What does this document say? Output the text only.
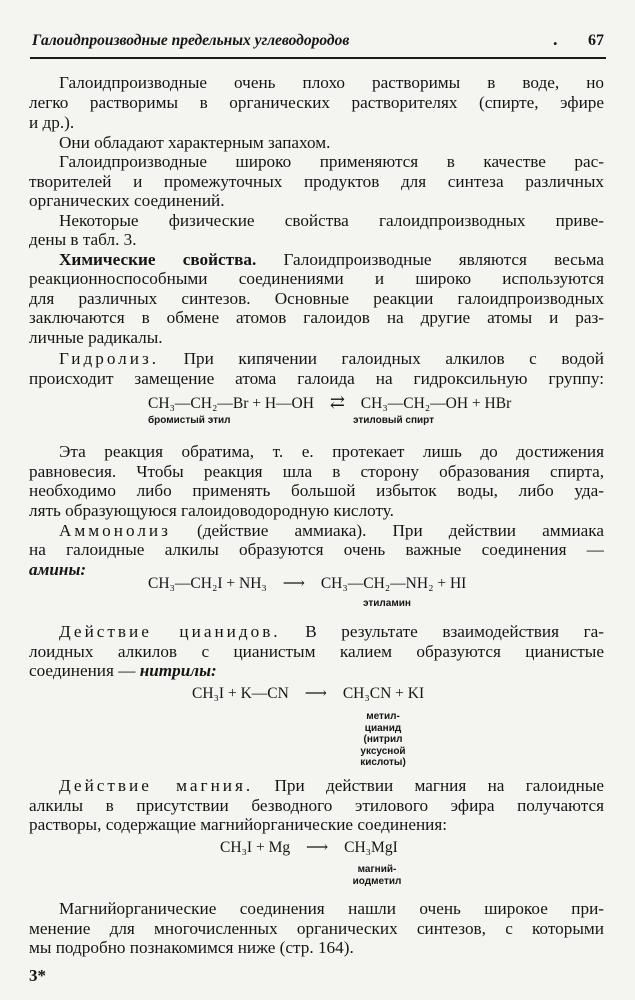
Галоидпроизводные предельных углеводородов	. 67
Галоидпроизводные очень плохо растворимы в воде, но
легко растворимы в органических растворителях (спирте, эфире
и др.).
Они обладают характерным запахом.
Галоидпроизводные широко применяются в качестве рас-
творителей и промежуточных продуктов для синтеза различных
органических соединений.
Некоторые физические свойства галоидпроизводных приве-
дены в табл. 3.
Химические свойства. Галоидпроизводные являются весьма
реакционноспособными соединениями и широко используются
для различных синтезов. Основные реакции галоидпроизводных
заключаются в обмене атомов галоидов на другие атомы и раз-
личные радикалы.
Гидролиз. При кипячении галоидных алкилов с водой
происходит замещение атома галоида на гидроксильную группу:
CH₃—CH₂—Br + H—OH ⇄ CH₃—CH₂—OH + HBr
бромистый этил	этиловый спирт
Эта реакция обратима, т. е. протекает лишь до достижения
равновесия. Чтобы реакция шла в сторону образования спирта,
необходимо либо применять большой избыток воды, либо уда-
лять образующуюся галоидоводородную кислоту.
Аммонолиз (действие аммиака). При действии аммиака
на галоидные алкилы образуются очень важные соединения —
амины:
CH₃—CH₂I + NH₃ ⟶ CH₃—CH₂—NH₂ + HI
этиламин
Действие цианидов. В результате взаимодействия га-
лоидных алкилов с цианистым калием образуются цианистые
соединения — нитрилы:
CH₃I + K—CN ⟶ CH₃CN + KI
метил-
цианид
(нитрил
уксусной
кислоты)
Действие магния. При действии магния на галоидные
алкилы в присутствии безводного этилового эфира получаются
растворы, содержащие магнийорганические соединения:
CH₃I + Mg ⟶ CH₃MgI
магний-
иодметил
Магнийорганические соединения нашли очень широкое при-
менение для многочисленных органических синтезов, с которыми
мы подробно познакомимся ниже (стр. 164).
3*
